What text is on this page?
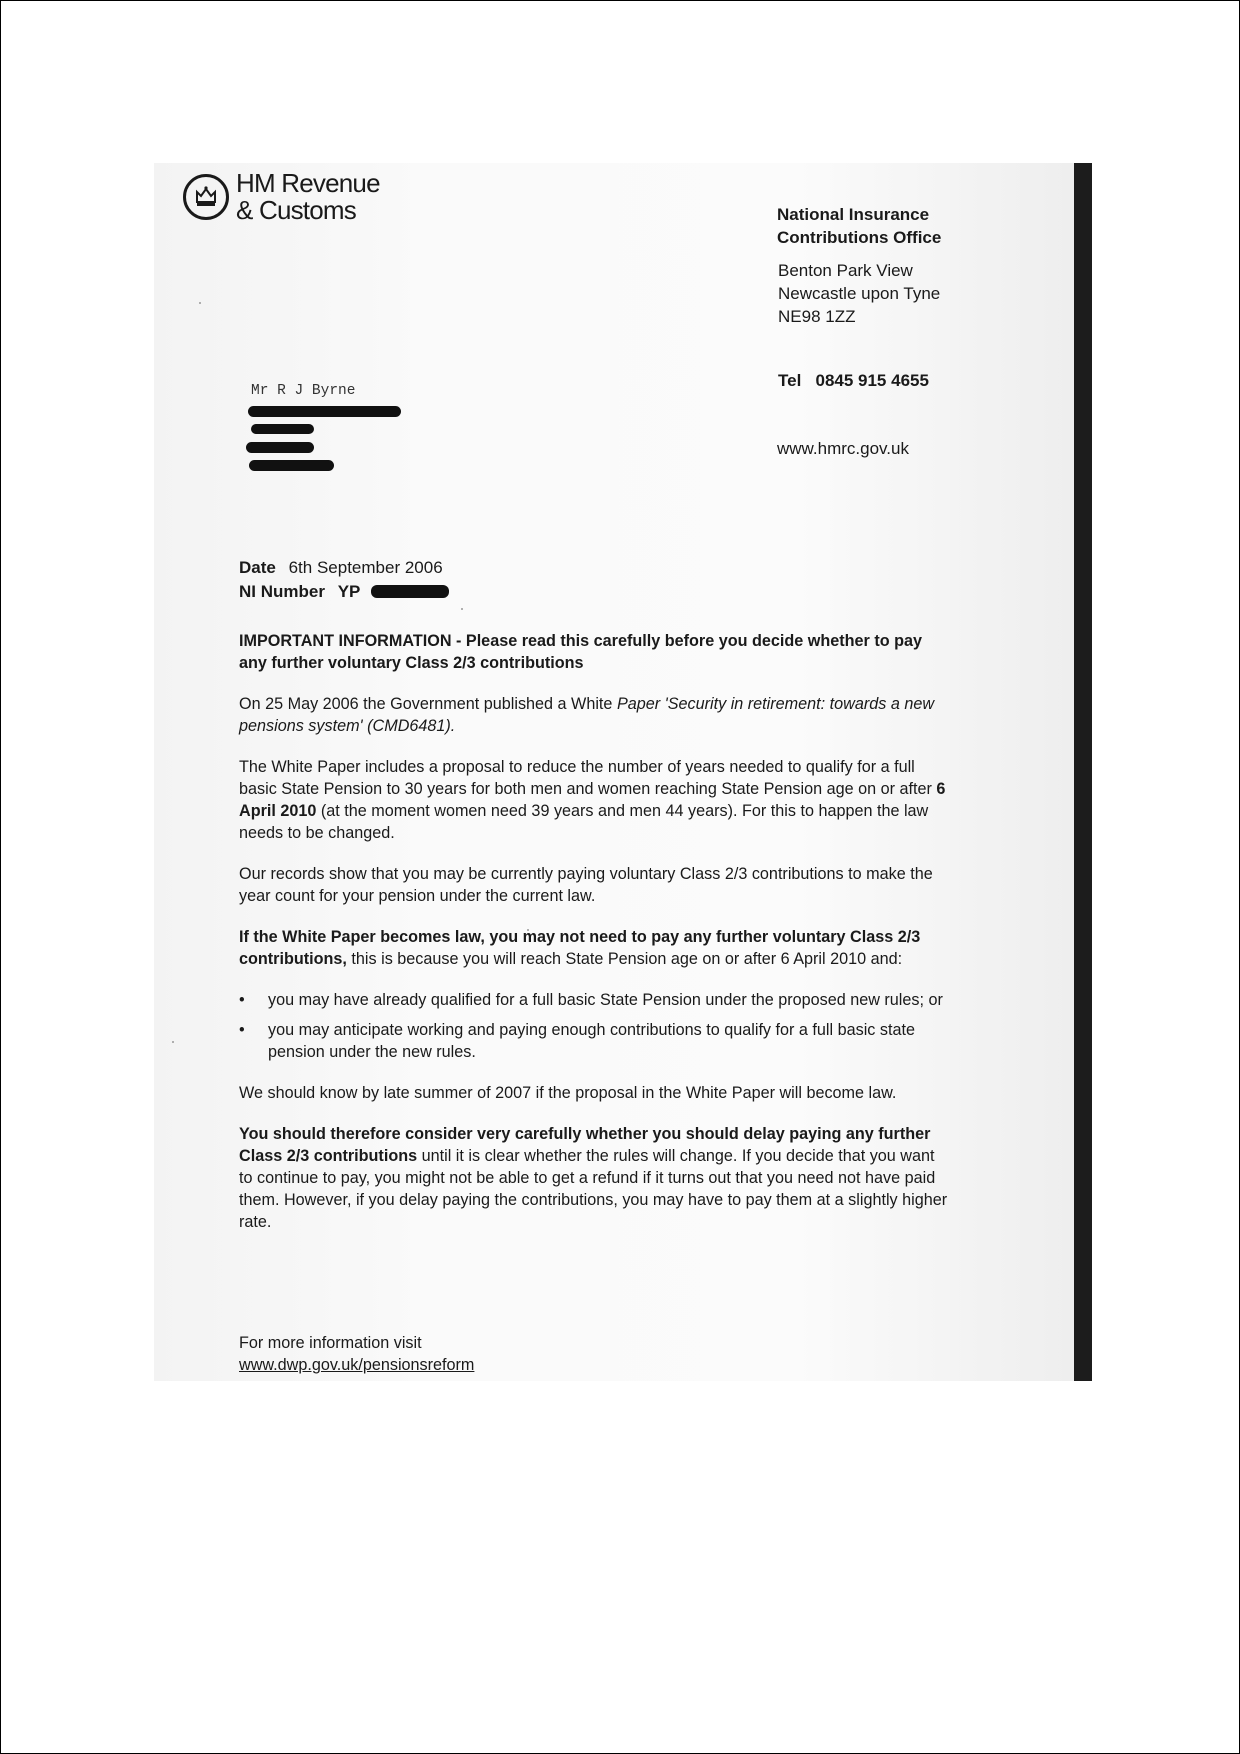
HM Revenue
& Customs	National Insurance
Contributions Office
Benton Park View
Newcastle upon Tyne
NE98 1ZZ
Tel 0845 915 4655
www.hmrc.gov.uk
Mr R J Byrne
Date 6th September 2006
NI Number YP

IMPORTANT INFORMATION - Please read this carefully before you decide whether to pay any further voluntary Class 2/3 contributions

On 25 May 2006 the Government published a White Paper 'Security in retirement: towards a new pensions system' (CMD6481).

The White Paper includes a proposal to reduce the number of years needed to qualify for a full basic State Pension to 30 years for both men and women reaching State Pension age on or after 6 April 2010 (at the moment women need 39 years and men 44 years). For this to happen the law needs to be changed.

Our records show that you may be currently paying voluntary Class 2/3 contributions to make the year count for your pension under the current law.

If the White Paper becomes law, you may not need to pay any further voluntary Class 2/3 contributions, this is because you will reach State Pension age on or after 6 April 2010 and:

• you may have already qualified for a full basic State Pension under the proposed new rules; or
• you may anticipate working and paying enough contributions to qualify for a full basic state pension under the new rules.

We should know by late summer of 2007 if the proposal in the White Paper will become law.

You should therefore consider very carefully whether you should delay paying any further Class 2/3 contributions until it is clear whether the rules will change. If you decide that you want to continue to pay, you might not be able to get a refund if it turns out that you need not have paid them. However, if you delay paying the contributions, you may have to pay them at a slightly higher rate.

For more information visit
www.dwp.gov.uk/pensionsreform
